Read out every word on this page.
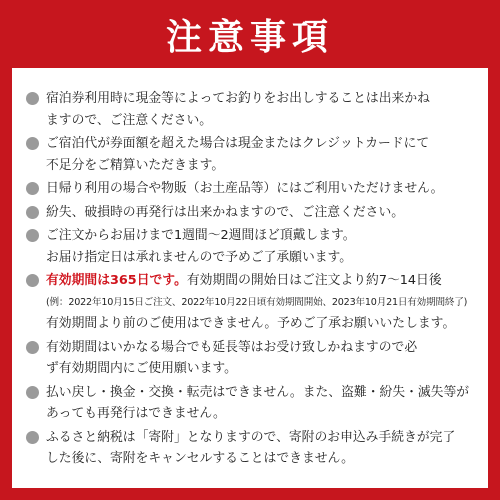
注意事項
宿泊券利用時に現金等によってお釣りをお出しすることは出来かね
ますので、ご注意ください。
ご宿泊代が券面額を超えた場合は現金またはクレジットカードにて
不足分をご精算いただきます。
日帰り利用の場合や物販（お土産品等）にはご利用いただけません。
紛失、破損時の再発行は出来かねますので、ご注意ください。
ご注文からお届けまで1週間～2週間ほど頂戴します。
お届け指定日は承れませんので予めご了承願います。
有効期間は365日です。有効期間の開始日はご注文より約7～14日後
(例：2022年10月15日ご注文、2022年10月22日頃有効期間開始、2023年10月21日有効期間終了)
有効期間より前のご使用はできません。予めご了承お願いいたします。
有効期間はいかなる場合でも延長等はお受け致しかねますので必
ず有効期間内にご使用願います。
払い戻し・換金・交換・転売はできません。また、盗難・紛失・滅失等が
あっても再発行はできません。
ふるさと納税は「寄附」となりますので、寄附のお申込み手続きが完了
した後に、寄附をキャンセルすることはできません。
